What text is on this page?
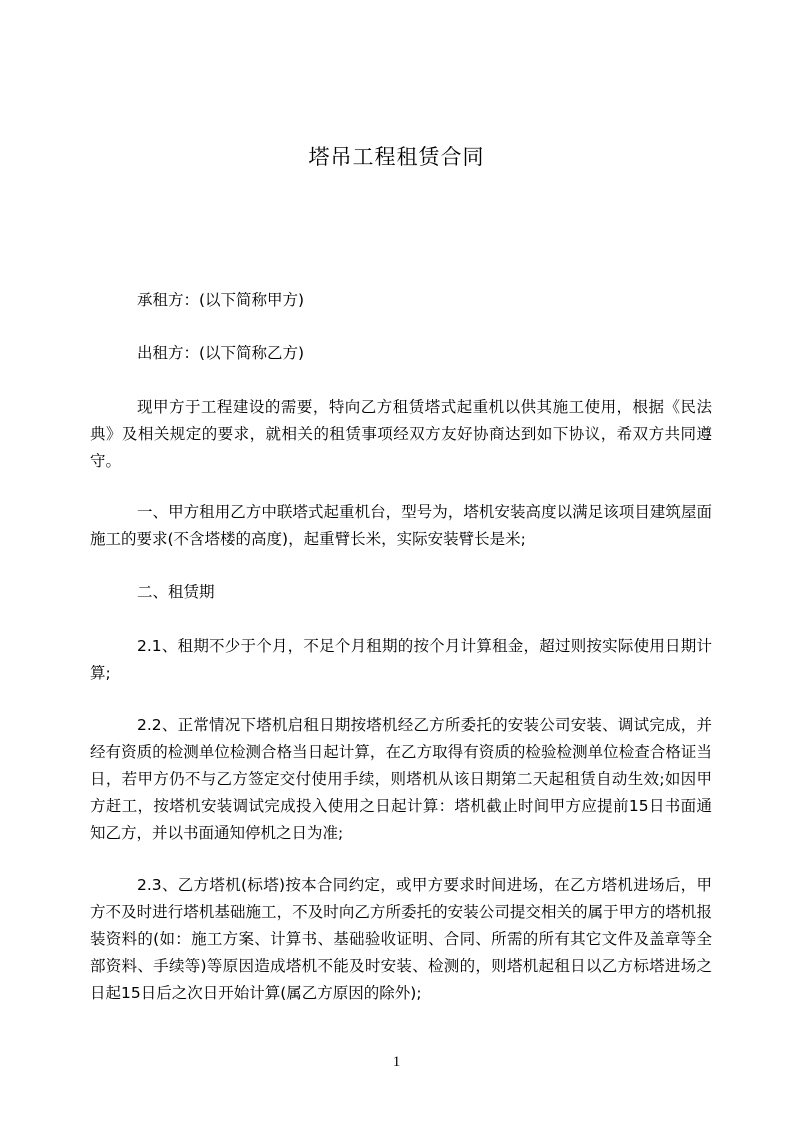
塔吊工程租赁合同

承租方：(以下简称甲方)

出租方：(以下简称乙方)

现甲方于工程建设的需要，特向乙方租赁塔式起重机以供其施工使用，根据《民法典》及相关规定的要求，就相关的租赁事项经双方友好协商达到如下协议，希双方共同遵守。

一、甲方租用乙方中联塔式起重机台，型号为，塔机安装高度以满足该项目建筑屋面施工的要求(不含塔楼的高度)，起重臂长米，实际安装臂长是米;

二、租赁期

2.1、租期不少于个月，不足个月租期的按个月计算租金，超过则按实际使用日期计算;

2.2、正常情况下塔机启租日期按塔机经乙方所委托的安装公司安装、调试完成，并经有资质的检测单位检测合格当日起计算，在乙方取得有资质的检验检测单位检查合格证当日，若甲方仍不与乙方签定交付使用手续，则塔机从该日期第二天起租赁自动生效;如因甲方赶工，按塔机安装调试完成投入使用之日起计算：塔机截止时间甲方应提前15日书面通知乙方，并以书面通知停机之日为准;

2.3、乙方塔机(标塔)按本合同约定，或甲方要求时间进场，在乙方塔机进场后，甲方不及时进行塔机基础施工，不及时向乙方所委托的安装公司提交相关的属于甲方的塔机报装资料的(如：施工方案、计算书、基础验收证明、合同、所需的所有其它文件及盖章等全部资料、手续等)等原因造成塔机不能及时安装、检测的，则塔机起租日以乙方标塔进场之日起15日后之次日开始计算(属乙方原因的除外);

1
